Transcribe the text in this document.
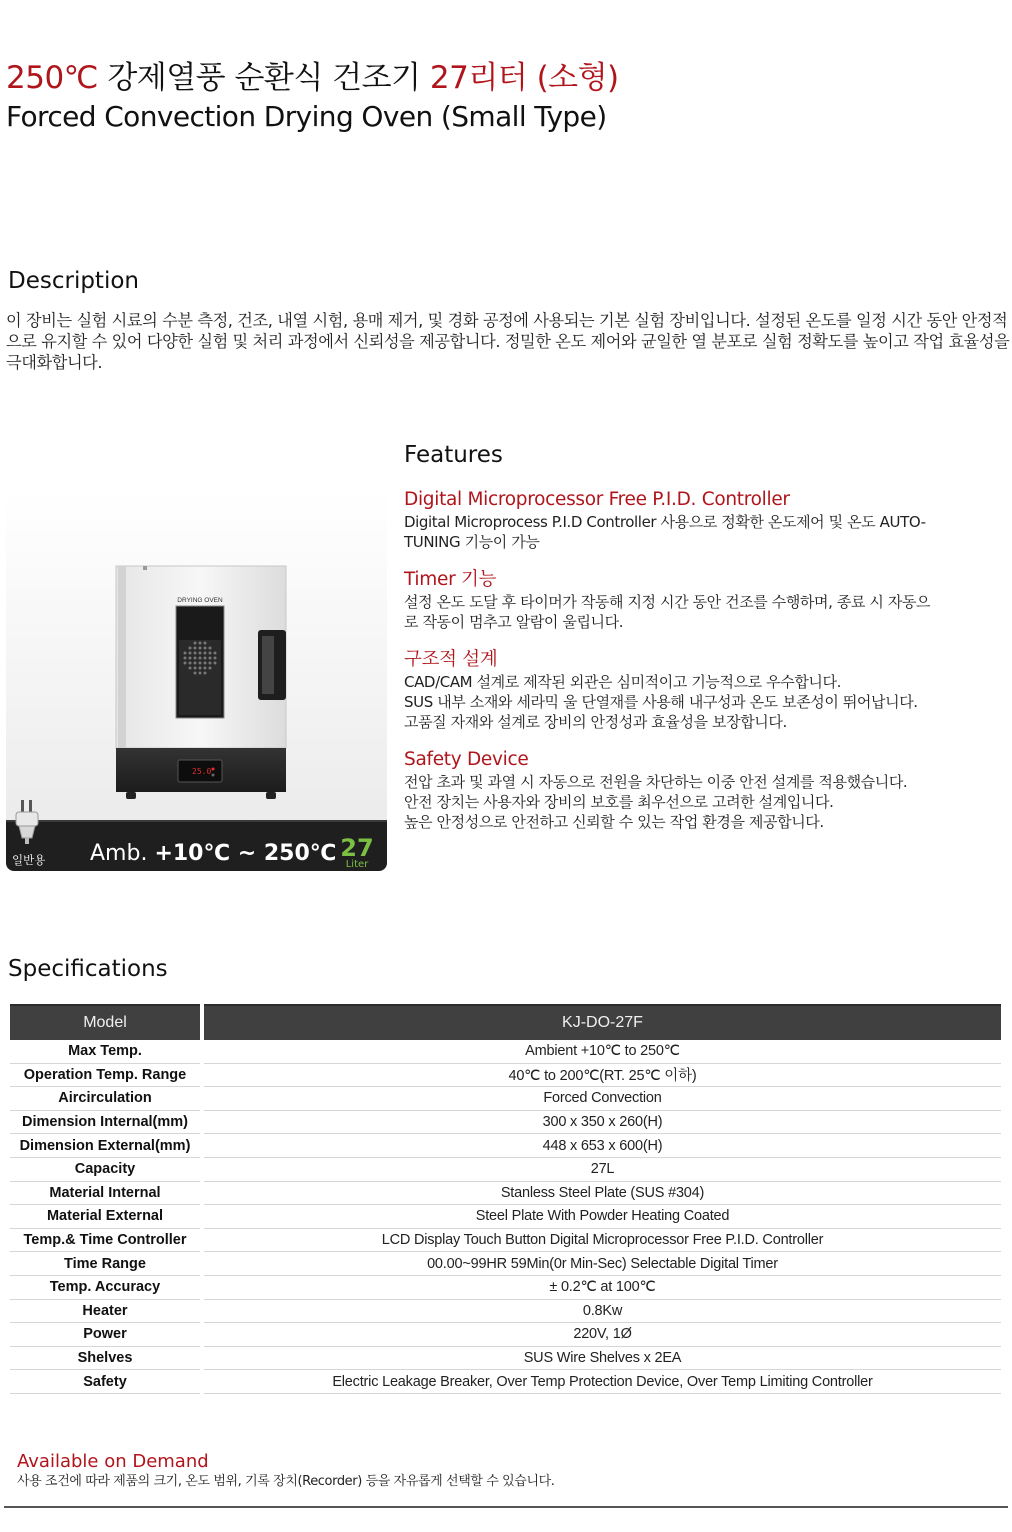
250℃ 강제열풍 순환식 건조기 27리터 (소형)
Forced Convection Drying Oven (Small Type)
Description
이 장비는 실험 시료의 수분 측정, 건조, 내열 시험, 용매 제거, 및 경화 공정에 사용되는 기본 실험 장비입니다. 설정된 온도를 일정 시간 동안 안정적으로 유지할 수 있어 다양한 실험 및 처리 과정에서 신뢰성을 제공합니다. 정밀한 온도 제어와 균일한 열 분포로 실험 정확도를 높이고 작업 효율성을 극대화합니다.
DRYING OVEN
25.0
일반용 Amb. +10℃ ~ 250℃ 27
Liter
Features
Digital Microprocessor Free P.I.D. Controller
Digital Microprocess P.I.D Controller 사용으로 정확한 온도제어 및 온도 AUTO-
TUNING 기능이 가능
Timer 기능
설정 온도 도달 후 타이머가 작동해 지정 시간 동안 건조를 수행하며, 종료 시 자동으
로 작동이 멈추고 알람이 울립니다.
구조적 설계
CAD/CAM 설계로 제작된 외관은 심미적이고 기능적으로 우수합니다.
SUS 내부 소재와 세라믹 울 단열재를 사용해 내구성과 온도 보존성이 뛰어납니다.
고품질 자재와 설계로 장비의 안정성과 효율성을 보장합니다.
Safety Device
전압 초과 및 과열 시 자동으로 전원을 차단하는 이중 안전 설계를 적용했습니다.
안전 장치는 사용자와 장비의 보호를 최우선으로 고려한 설계입니다.
높은 안정성으로 안전하고 신뢰할 수 있는 작업 환경을 제공합니다.
Specifications
Model		KJ-DO-27F
Max Temp.		Ambient +10℃ to 250℃
Operation Temp. Range		40℃ to 200℃(RT. 25℃ 이하)
Aircirculation		Forced Convection
Dimension Internal(mm)		300 x 350 x 260(H)
Dimension External(mm)		448 x 653 x 600(H)
Capacity		27L
Material Internal		Stanless Steel Plate (SUS #304)
Material External		Steel Plate With Powder Heating Coated
Temp.& Time Controller		LCD Display Touch Button Digital Microprocessor Free P.I.D. Controller
Time Range		00.00~99HR 59Min(0r Min-Sec) Selectable Digital Timer
Temp. Accuracy		± 0.2℃ at 100℃
Heater		0.8Kw
Power		220V, 1Ø
Shelves		SUS Wire Shelves x 2EA
Safety		Electric Leakage Breaker, Over Temp Protection Device, Over Temp Limiting Controller
Available on Demand
사용 조건에 따라 제품의 크기, 온도 범위, 기록 장치(Recorder) 등을 자유롭게 선택할 수 있습니다.
